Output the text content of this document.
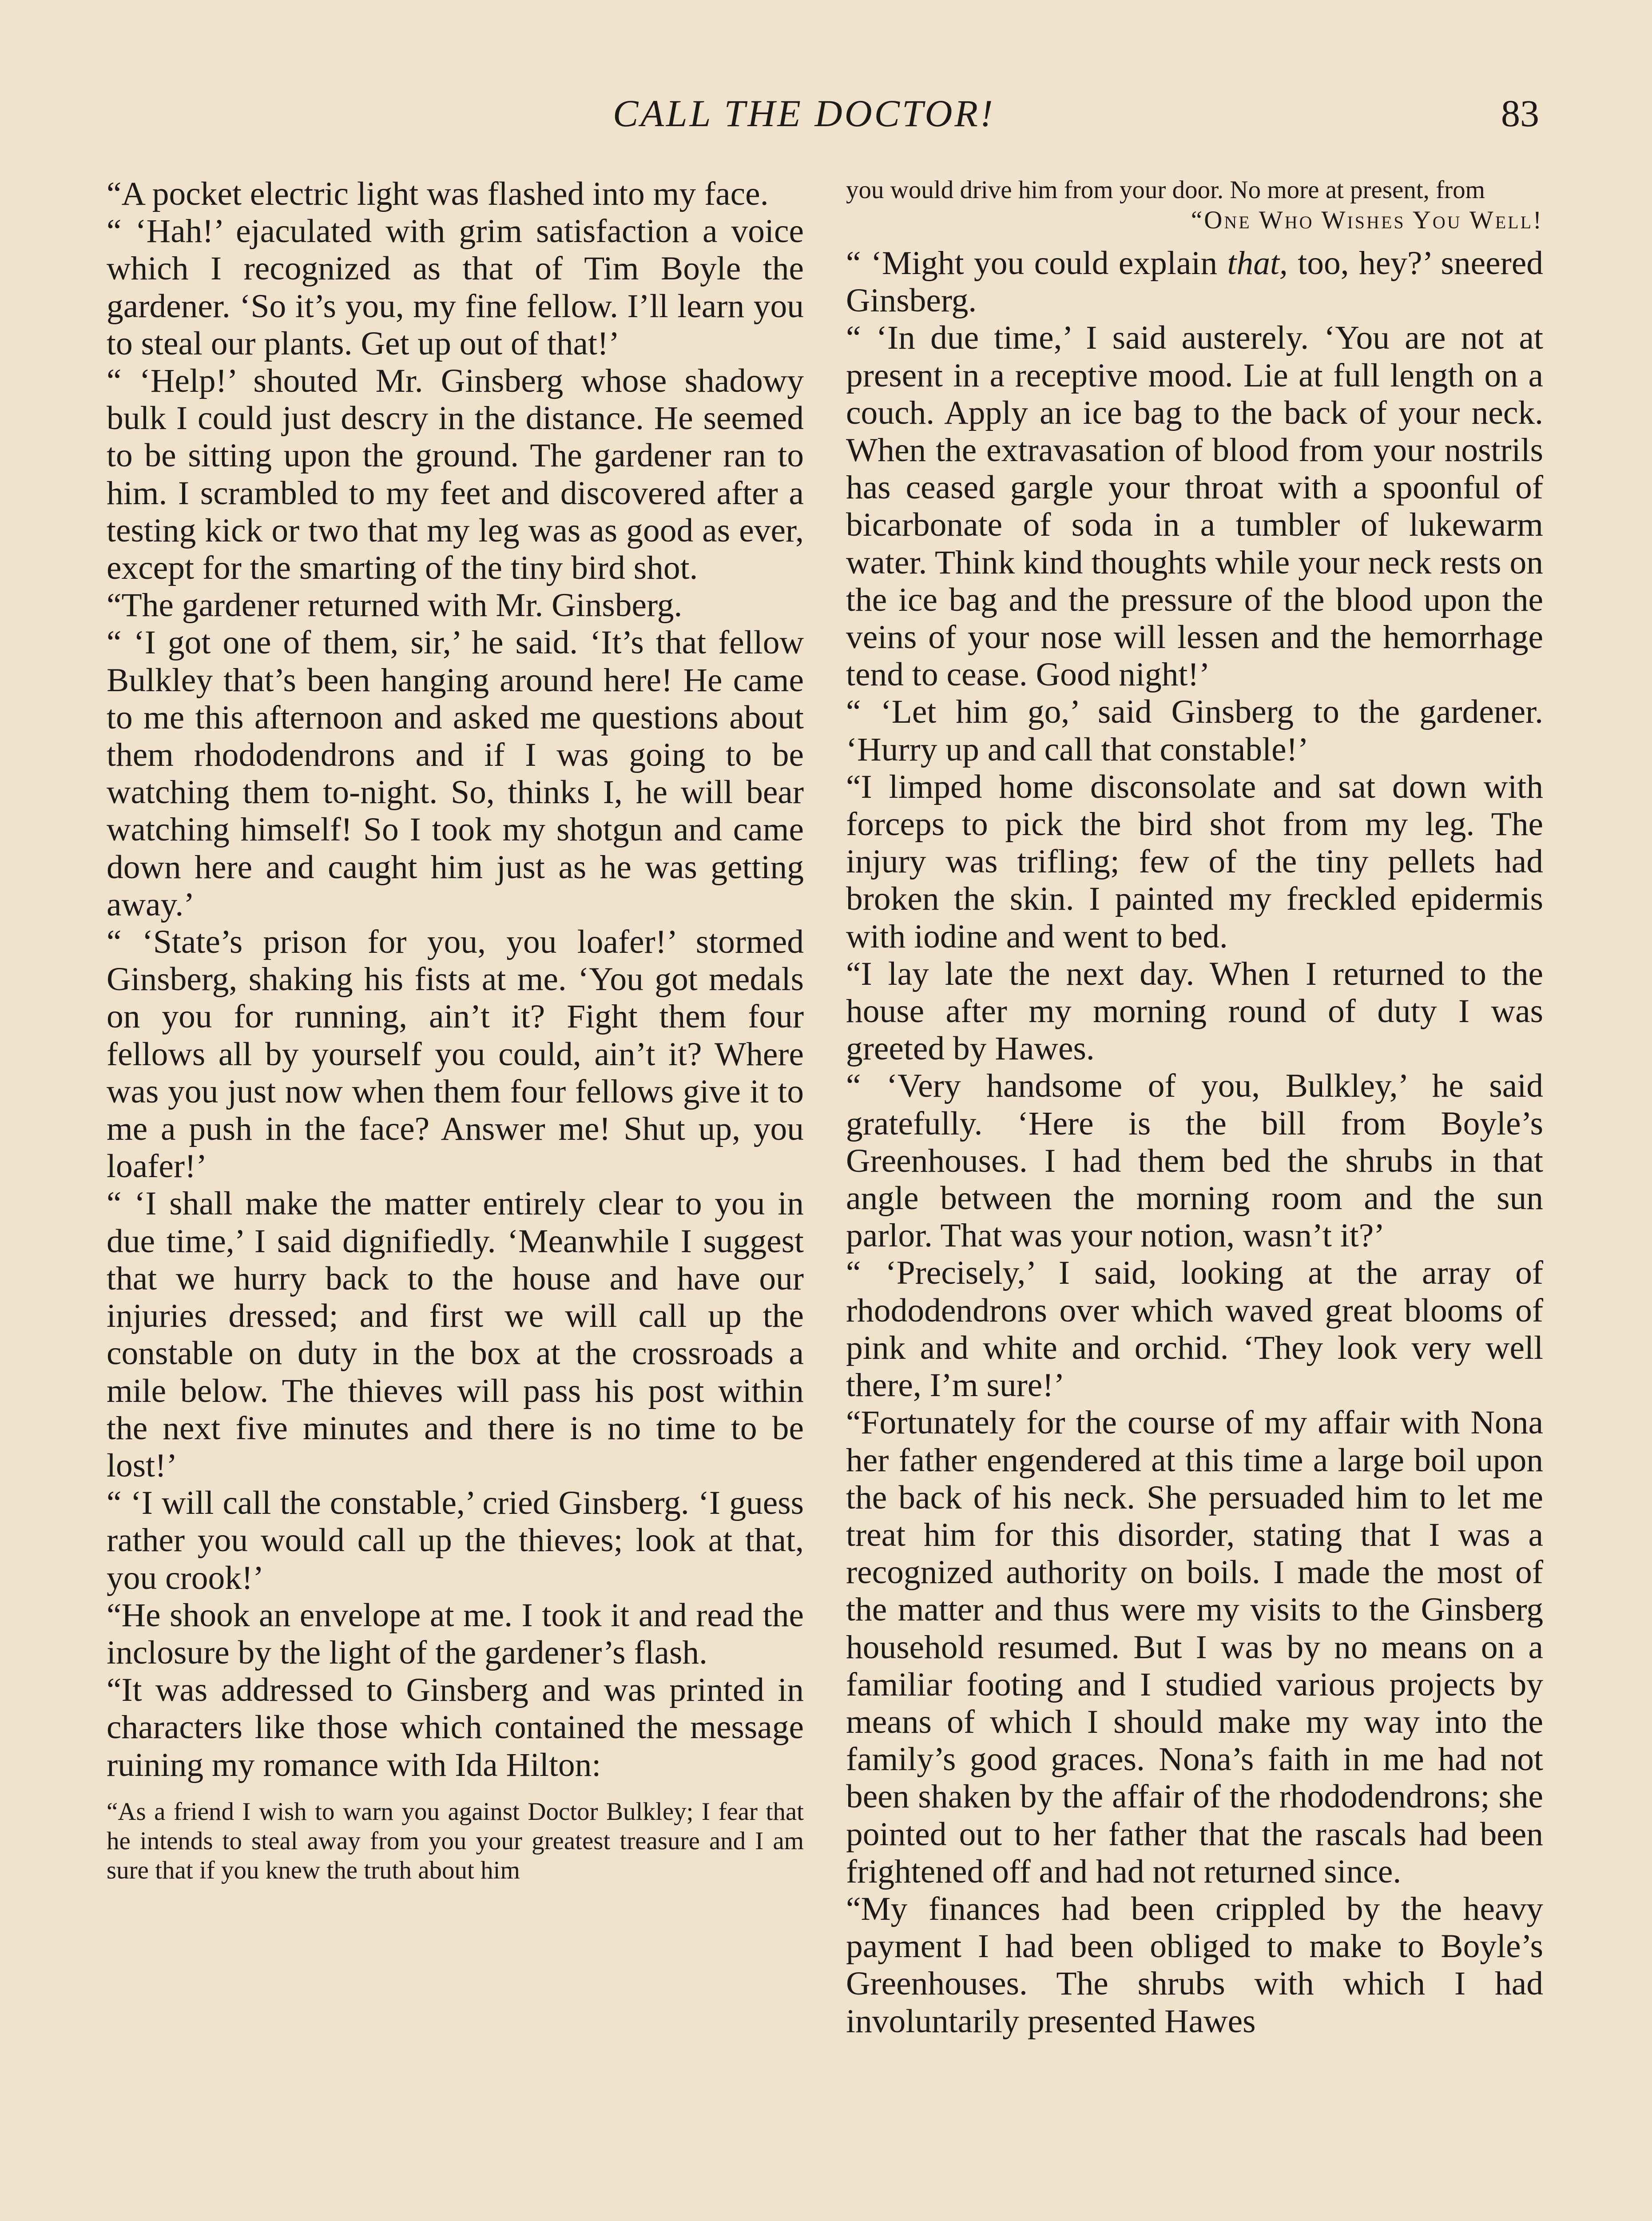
CALL THE DOCTOR!	83

“A pocket electric light was flashed into my face.

“ ‘Hah!’ ejaculated with grim satisfaction a voice which I recognized as that of Tim Boyle the gardener. ‘So it’s you, my fine fellow. I’ll learn you to steal our plants. Get up out of that!’

“ ‘Help!’ shouted Mr. Ginsberg whose shadowy bulk I could just descry in the distance. He seemed to be sitting upon the ground. The gardener ran to him. I scrambled to my feet and discovered after a testing kick or two that my leg was as good as ever, except for the smarting of the tiny bird shot.

“The gardener returned with Mr. Ginsberg.

“ ‘I got one of them, sir,’ he said. ‘It’s that fellow Bulkley that’s been hanging around here! He came to me this afternoon and asked me questions about them rhododendrons and if I was going to be watching them to-night. So, thinks I, he will bear watching himself! So I took my shotgun and came down here and caught him just as he was getting away.’

“ ‘State’s prison for you, you loafer!’ stormed Ginsberg, shaking his fists at me. ‘You got medals on you for running, ain’t it? Fight them four fellows all by yourself you could, ain’t it? Where was you just now when them four fellows give it to me a push in the face? Answer me! Shut up, you loafer!’

“ ‘I shall make the matter entirely clear to you in due time,’ I said dignifiedly. ‘Meanwhile I suggest that we hurry back to the house and have our injuries dressed; and first we will call up the constable on duty in the box at the crossroads a mile below. The thieves will pass his post within the next five minutes and there is no time to be lost!’

“ ‘I will call the constable,’ cried Ginsberg. ‘I guess rather you would call up the thieves; look at that, you crook!’

“He shook an envelope at me. I took it and read the inclosure by the light of the gardener’s flash.

“It was addressed to Ginsberg and was printed in characters like those which contained the message ruining my romance with Ida Hilton:

“As a friend I wish to warn you against Doctor Bulkley; I fear that he intends to steal away from you your greatest treasure and I am sure that if you knew the truth about him

you would drive him from your door. No more at present, from

“One Who Wishes You Well!

“ ‘Might you could explain that, too, hey?’ sneered Ginsberg.

“ ‘In due time,’ I said austerely. ‘You are not at present in a receptive mood. Lie at full length on a couch. Apply an ice bag to the back of your neck. When the extravasation of blood from your nostrils has ceased gargle your throat with a spoonful of bicarbonate of soda in a tumbler of lukewarm water. Think kind thoughts while your neck rests on the ice bag and the pressure of the blood upon the veins of your nose will lessen and the hemorrhage tend to cease. Good night!’

“ ‘Let him go,’ said Ginsberg to the gardener. ‘Hurry up and call that constable!’

“I limped home disconsolate and sat down with forceps to pick the bird shot from my leg. The injury was trifling; few of the tiny pellets had broken the skin. I painted my freckled epidermis with iodine and went to bed.

“I lay late the next day. When I returned to the house after my morning round of duty I was greeted by Hawes.

“ ‘Very handsome of you, Bulkley,’ he said gratefully. ‘Here is the bill from Boyle’s Greenhouses. I had them bed the shrubs in that angle between the morning room and the sun parlor. That was your notion, wasn’t it?’

“ ‘Precisely,’ I said, looking at the array of rhododendrons over which waved great blooms of pink and white and orchid. ‘They look very well there, I’m sure!’

“Fortunately for the course of my affair with Nona her father engendered at this time a large boil upon the back of his neck. She persuaded him to let me treat him for this disorder, stating that I was a recognized authority on boils. I made the most of the matter and thus were my visits to the Ginsberg household resumed. But I was by no means on a familiar footing and I studied various projects by means of which I should make my way into the family’s good graces. Nona’s faith in me had not been shaken by the affair of the rhododendrons; she pointed out to her father that the rascals had been frightened off and had not returned since.

“My finances had been crippled by the heavy payment I had been obliged to make to Boyle’s Greenhouses. The shrubs with which I had involuntarily presented Hawes
